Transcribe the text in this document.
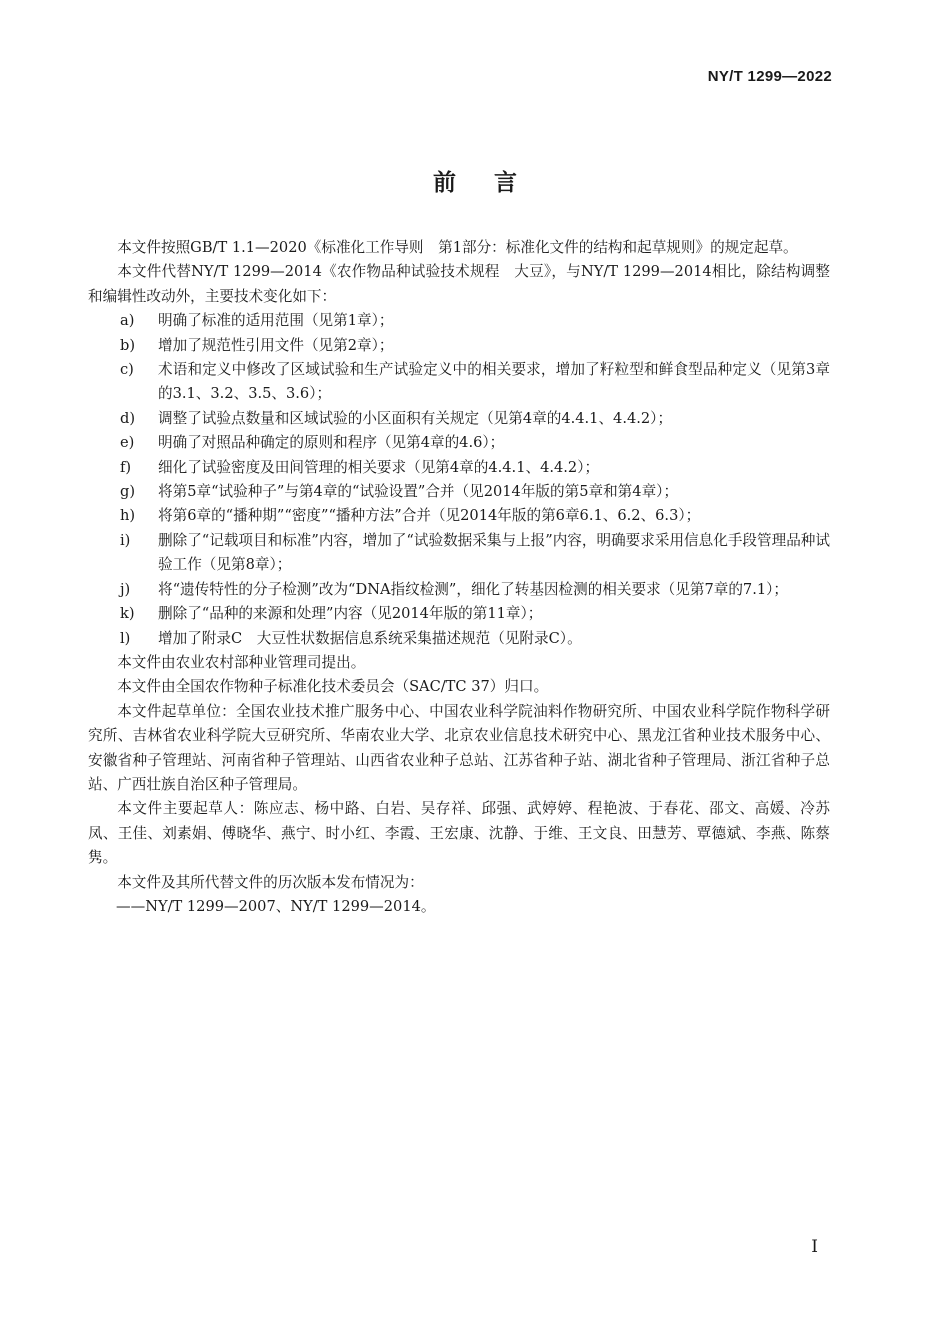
NY/T 1299—2022
前言

本文件按照GB/T 1.1—2020《标准化工作导则　第1部分：标准化文件的结构和起草规则》的规定起草。

本文件代替NY/T 1299—2014《农作物品种试验技术规程　大豆》，与NY/T 1299—2014相比，除结构调整和编辑性改动外，主要技术变化如下：

a)	明确了标准的适用范围（见第1章）；
b)	增加了规范性引用文件（见第2章）；
c)	术语和定义中修改了区域试验和生产试验定义中的相关要求，增加了籽粒型和鲜食型品种定义（见第3章的3.1、3.2、3.5、3.6）；
d)	调整了试验点数量和区域试验的小区面积有关规定（见第4章的4.4.1、4.4.2）；
e)	明确了对照品种确定的原则和程序（见第4章的4.6）；
f)	细化了试验密度及田间管理的相关要求（见第4章的4.4.1、4.4.2）；
g)	将第5章“试验种子”与第4章的“试验设置”合并（见2014年版的第5章和第4章）；
h)	将第6章的“播种期”“密度”“播种方法”合并（见2014年版的第6章6.1、6.2、6.3）；
i)	删除了“记载项目和标准”内容，增加了“试验数据采集与上报”内容，明确要求采用信息化手段管理品种试验工作（见第8章）；
j)	将“遗传特性的分子检测”改为“DNA指纹检测”，细化了转基因检测的相关要求（见第7章的7.1）；
k)	删除了“品种的来源和处理”内容（见2014年版的第11章）；
l)	增加了附录C　大豆性状数据信息系统采集描述规范（见附录C）。

本文件由农业农村部种业管理司提出。

本文件由全国农作物种子标准化技术委员会（SAC/TC 37）归口。

本文件起草单位：全国农业技术推广服务中心、中国农业科学院油料作物研究所、中国农业科学院作物科学研究所、吉林省农业科学院大豆研究所、华南农业大学、北京农业信息技术研究中心、黑龙江省种业技术服务中心、安徽省种子管理站、河南省种子管理站、山西省农业种子总站、江苏省种子站、湖北省种子管理局、浙江省种子总站、广西壮族自治区种子管理局。

本文件主要起草人：陈应志、杨中路、白岩、吴存祥、邱强、武婷婷、程艳波、于春花、邵文、高媛、冷苏凤、王佳、刘素娟、傅晓华、燕宁、时小红、李霞、王宏康、沈静、于维、王文良、田慧芳、覃德斌、李燕、陈蔡隽。

本文件及其所代替文件的历次版本发布情况为：

——NY/T 1299—2007、NY/T 1299—2014。

I
